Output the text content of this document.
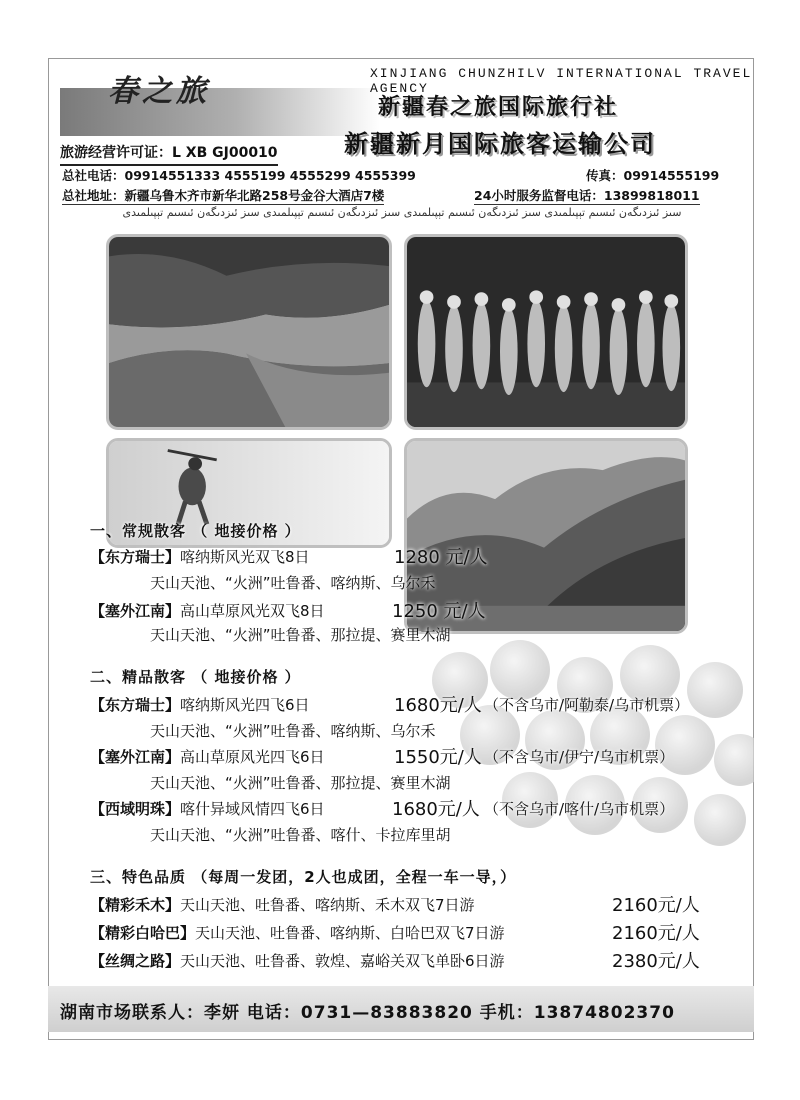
春之旅
XINJIANG CHUNZHILV INTERNATIONAL TRAVEL AGENCY
新疆春之旅国际旅行社
新疆新月国际旅客运输公司
旅游经营许可证：L XB GJ00010
总社电话：09914551333 4555199 4555299 4555399	传真：09914555199
总社地址：新疆乌鲁木齐市新华北路258号金谷大酒店7楼	24小时服务监督电话：13899818011
سىز ئىزدىگەن ئىسىم تېپىلمىدى سىز ئىزدىگەن ئىسىم تېپىلمىدى سىز ئىزدىگەن ئىسىم تېپىلمىدى سىز ئىزدىگەن ئىسىم تېپىلمىدى
一、常规散客 （ 地接价格 ）
【东方瑞士】喀纳斯风光双飞8日	1280 元/人
天山天池、“火洲”吐鲁番、喀纳斯、乌尔禾
【塞外江南】高山草原风光双飞8日	1250 元/人
天山天池、“火洲”吐鲁番、那拉提、赛里木湖
二、精品散客 （ 地接价格 ）
【东方瑞士】喀纳斯风光四飞6日	1680元/人 （不含乌市/阿勒泰/乌市机票）
天山天池、“火洲”吐鲁番、喀纳斯、乌尔禾
【塞外江南】高山草原风光四飞6日	1550元/人 （不含乌市/伊宁/乌市机票）
天山天池、“火洲”吐鲁番、那拉提、赛里木湖
【西域明珠】喀什异域风情四飞6日	1680元/人 （不含乌市/喀什/乌市机票）
天山天池、“火洲”吐鲁番、喀什、卡拉库里胡
三、特色品质 （每周一发团，2人也成团，全程一车一导，）
【精彩禾木】天山天池、吐鲁番、喀纳斯、禾木双飞7日游	2160元/人
【精彩白哈巴】天山天池、吐鲁番、喀纳斯、白哈巴双飞7日游	2160元/人
【丝绸之路】天山天池、吐鲁番、敦煌、嘉峪关双飞单卧6日游	2380元/人
湖南市场联系人：李妍 电话：0731—83883820 手机：13874802370
